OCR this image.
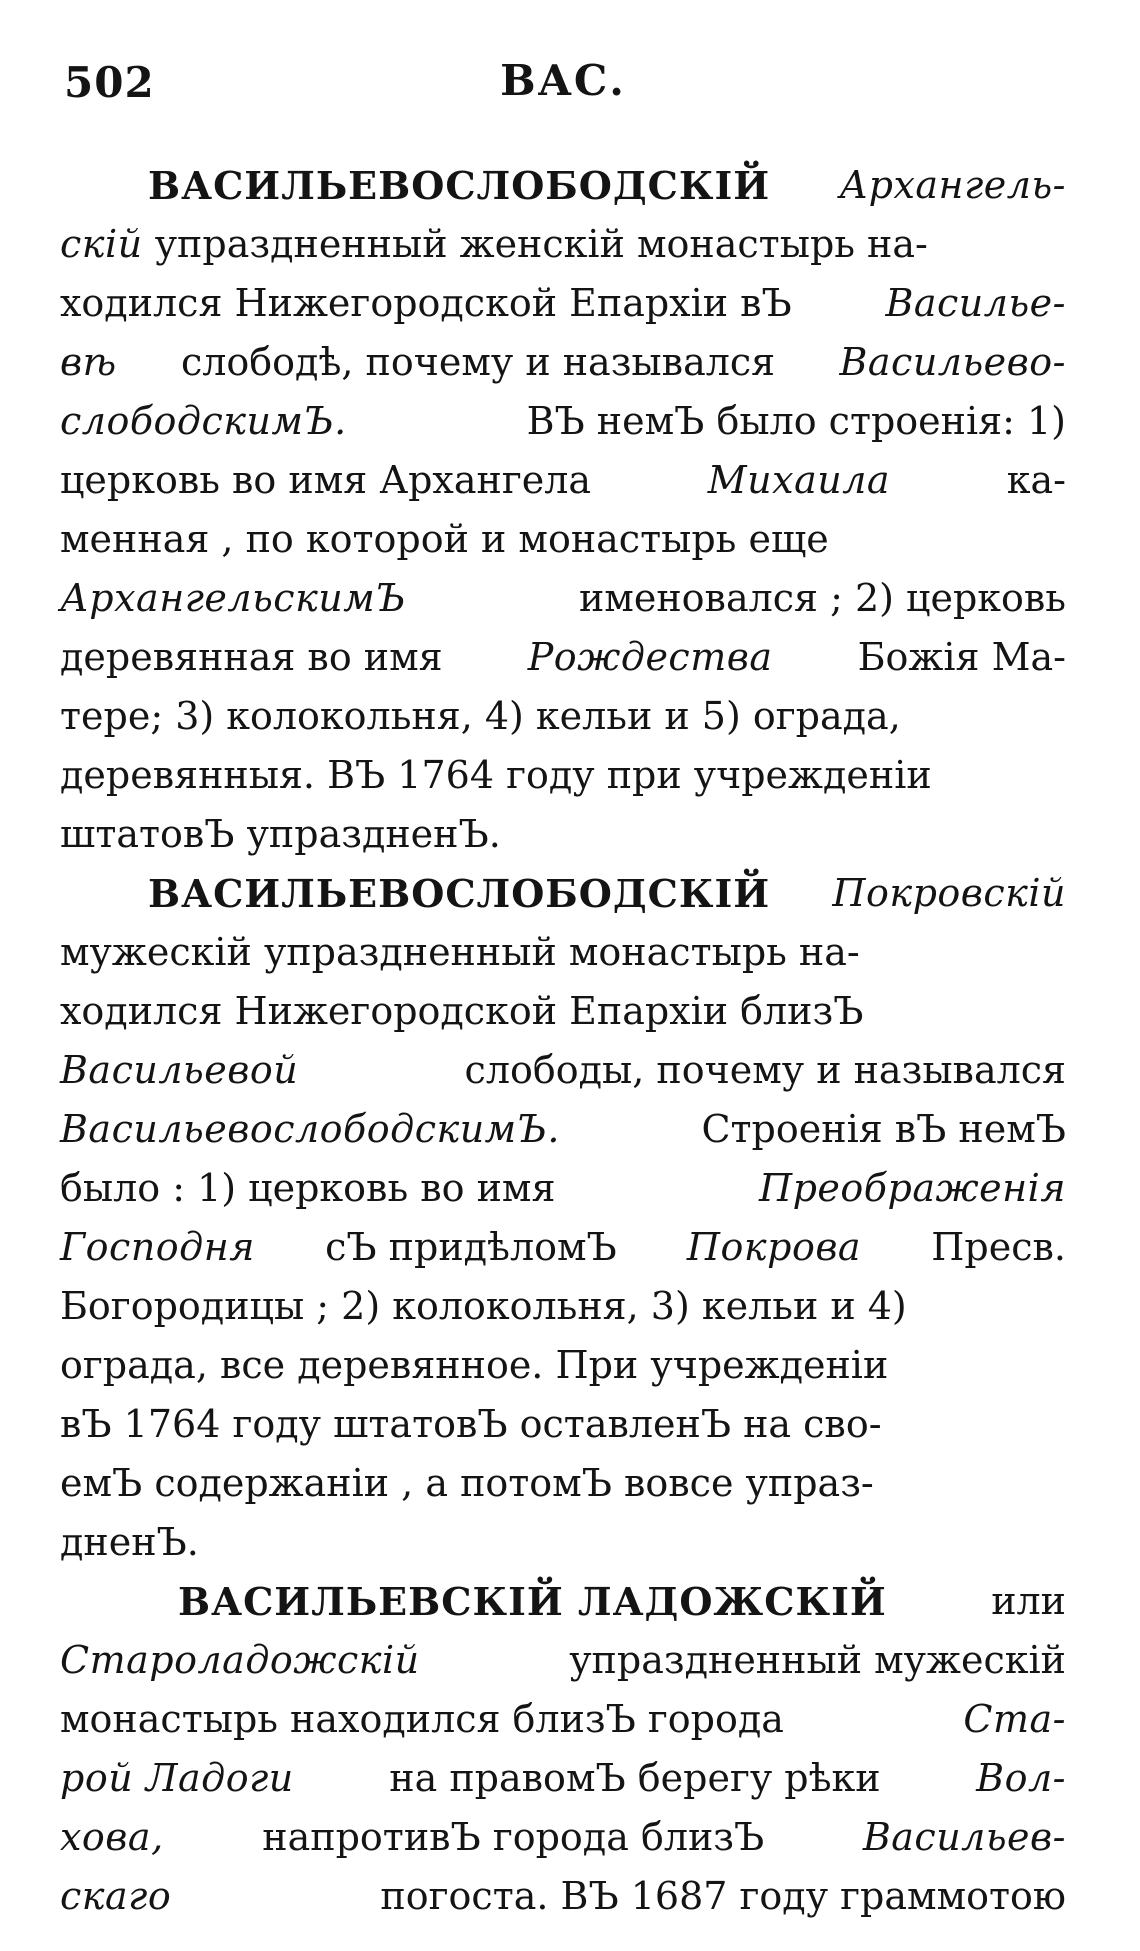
502	ВАС.
ВАСИЛЬЕВОСЛОБОДСКІЙ Архангель-
скій упраздненный женскій монастырь на-
ходился Нижегородской Епархіи вЪ Василье-
вѣ слободѣ, почему и назывался Васильево-
слободскимЪ.	ВЪ немЪ было строенія: 1)
церковь во имя Архангела	Михаила	ка-
менная , по которой и монастырь еще
АрхангельскимЪ	именовался ; 2) церковь
деревянная во имя Рождества Божія Ма-
тере; 3) колокольня, 4) кельи и 5) ограда,
деревянныя. ВЪ 1764 году при учрежденіи
штатовЪ упраздненЪ.
ВАСИЛЬЕВОСЛОБОДСКІЙ Покровскій
мужескій упраздненный монастырь на-
ходился Нижегородской Епархіи близЪ
Васильевой	слободы, почему и назывался
ВасильевослободскимЪ.	Строенія вЪ немЪ
было : 1) церковь во имя	Преображенія
Господня сЪ придѣломЪ Покрова Пресв.
Богородицы ; 2) колокольня, 3) кельи и 4)
ограда, все деревянное. При учрежденіи
вЪ 1764 году штатовЪ оставленЪ на сво-
емЪ содержаніи , а потомЪ вовсе упраз-
дненЪ.
ВАСИЛЬЕВСКІЙ ЛАДОЖСКІЙ	или
Староладожскій	упраздненный мужескій
монастырь находился близЪ города	Ста-
рой Ладоги	на правомЪ берегу рѣки	Вол-
хова,	напротивЪ города близЪ	Васильев-
скаго	погоста. ВЪ 1687 году граммотою
